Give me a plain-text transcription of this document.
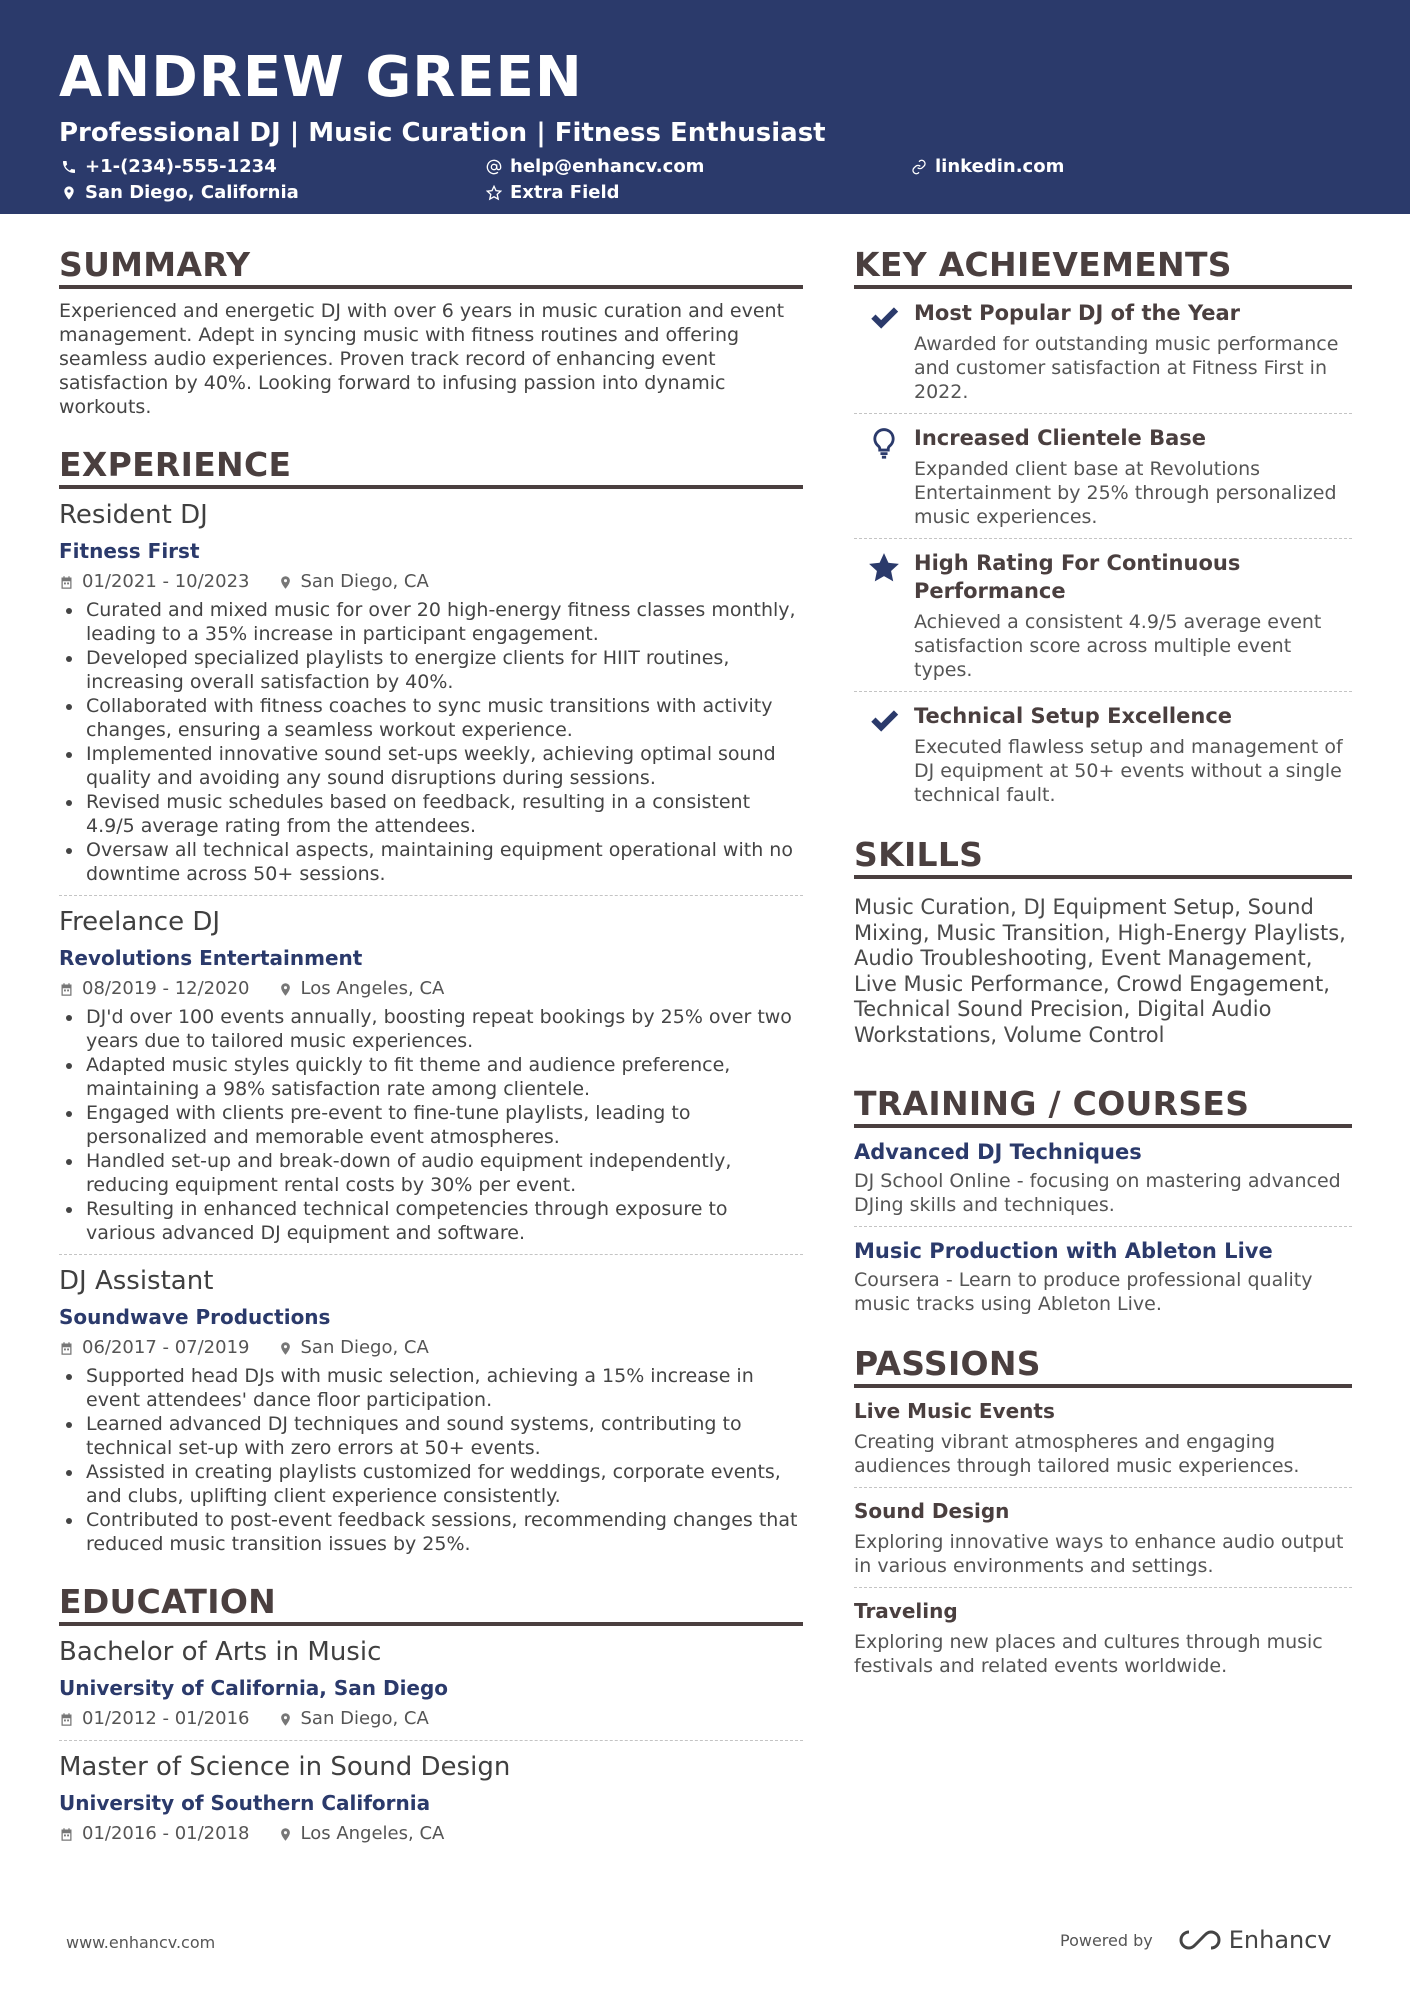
ANDREW GREEN
Professional DJ | Music Curation | Fitness Enthusiast
+1-(234)-555-1234	help@enhancv.com	linkedin.com
San Diego, California	Extra Field
SUMMARY
Experienced and energetic DJ with over 6 years in music curation and event management. Adept in syncing music with fitness routines and offering seamless audio experiences. Proven track record of enhancing event satisfaction by 40%. Looking forward to infusing passion into dynamic workouts.
EXPERIENCE
Resident DJ
Fitness First
01/2021 - 10/2023	San Diego, CA
Curated and mixed music for over 20 high-energy fitness classes monthly, leading to a 35% increase in participant engagement.
Developed specialized playlists to energize clients for HIIT routines, increasing overall satisfaction by 40%.
Collaborated with fitness coaches to sync music transitions with activity changes, ensuring a seamless workout experience.
Implemented innovative sound set-ups weekly, achieving optimal sound quality and avoiding any sound disruptions during sessions.
Revised music schedules based on feedback, resulting in a consistent 4.9/5 average rating from the attendees.
Oversaw all technical aspects, maintaining equipment operational with no downtime across 50+ sessions.
Freelance DJ
Revolutions Entertainment
08/2019 - 12/2020	Los Angeles, CA
DJ'd over 100 events annually, boosting repeat bookings by 25% over two years due to tailored music experiences.
Adapted music styles quickly to fit theme and audience preference, maintaining a 98% satisfaction rate among clientele.
Engaged with clients pre-event to fine-tune playlists, leading to personalized and memorable event atmospheres.
Handled set-up and break-down of audio equipment independently, reducing equipment rental costs by 30% per event.
Resulting in enhanced technical competencies through exposure to various advanced DJ equipment and software.
DJ Assistant
Soundwave Productions
06/2017 - 07/2019	San Diego, CA
Supported head DJs with music selection, achieving a 15% increase in event attendees' dance floor participation.
Learned advanced DJ techniques and sound systems, contributing to technical set-up with zero errors at 50+ events.
Assisted in creating playlists customized for weddings, corporate events, and clubs, uplifting client experience consistently.
Contributed to post-event feedback sessions, recommending changes that reduced music transition issues by 25%.
EDUCATION
Bachelor of Arts in Music
University of California, San Diego
01/2012 - 01/2016	San Diego, CA
Master of Science in Sound Design
University of Southern California
01/2016 - 01/2018	Los Angeles, CA
KEY ACHIEVEMENTS
Most Popular DJ of the Year
Awarded for outstanding music performance and customer satisfaction at Fitness First in 2022.
Increased Clientele Base
Expanded client base at Revolutions Entertainment by 25% through personalized music experiences.
High Rating For Continuous Performance
Achieved a consistent 4.9/5 average event satisfaction score across multiple event types.
Technical Setup Excellence
Executed flawless setup and management of DJ equipment at 50+ events without a single technical fault.
SKILLS
Music Curation, DJ Equipment Setup, Sound Mixing, Music Transition, High-Energy Playlists, Audio Troubleshooting, Event Management, Live Music Performance, Crowd Engagement, Technical Sound Precision, Digital Audio Workstations, Volume Control
TRAINING / COURSES
Advanced DJ Techniques
DJ School Online - focusing on mastering advanced DJing skills and techniques.
Music Production with Ableton Live
Coursera - Learn to produce professional quality music tracks using Ableton Live.
PASSIONS
Live Music Events
Creating vibrant atmospheres and engaging audiences through tailored music experiences.
Sound Design
Exploring innovative ways to enhance audio output in various environments and settings.
Traveling
Exploring new places and cultures through music festivals and related events worldwide.
www.enhancv.com	Powered by	Enhancv
